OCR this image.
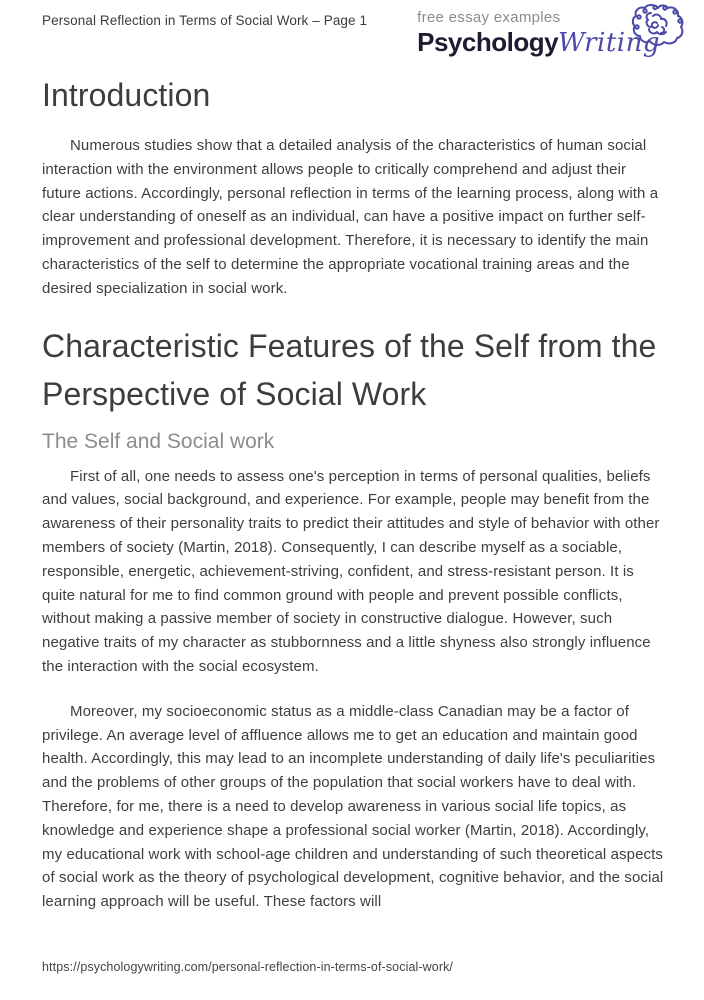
Personal Reflection in Terms of Social Work – Page 1	free essay examples
PsychologyWriting
Introduction

Numerous studies show that a detailed analysis of the characteristics of human social interaction with the environment allows people to critically comprehend and adjust their future actions. Accordingly, personal reflection in terms of the learning process, along with a clear understanding of oneself as an individual, can have a positive impact on further self-improvement and professional development. Therefore, it is necessary to identify the main characteristics of the self to determine the appropriate vocational training areas and the desired specialization in social work.

Characteristic Features of the Self from the Perspective of Social Work
The Self and Social work

First of all, one needs to assess one's perception in terms of personal qualities, beliefs and values, social background, and experience. For example, people may benefit from the awareness of their personality traits to predict their attitudes and style of behavior with other members of society (Martin, 2018). Consequently, I can describe myself as a sociable, responsible, energetic, achievement-striving, confident, and stress-resistant person. It is quite natural for me to find common ground with people and prevent possible conflicts, without making a passive member of society in constructive dialogue. However, such negative traits of my character as stubbornness and a little shyness also strongly influence the interaction with the social ecosystem.

Moreover, my socioeconomic status as a middle-class Canadian may be a factor of privilege. An average level of affluence allows me to get an education and maintain good health. Accordingly, this may lead to an incomplete understanding of daily life's peculiarities and the problems of other groups of the population that social workers have to deal with. Therefore, for me, there is a need to develop awareness in various social life topics, as knowledge and experience shape a professional social worker (Martin, 2018). Accordingly, my educational work with school-age children and understanding of such theoretical aspects of social work as the theory of psychological development, cognitive behavior, and the social learning approach will be useful. These factors will

https://psychologywriting.com/personal-reflection-in-terms-of-social-work/
